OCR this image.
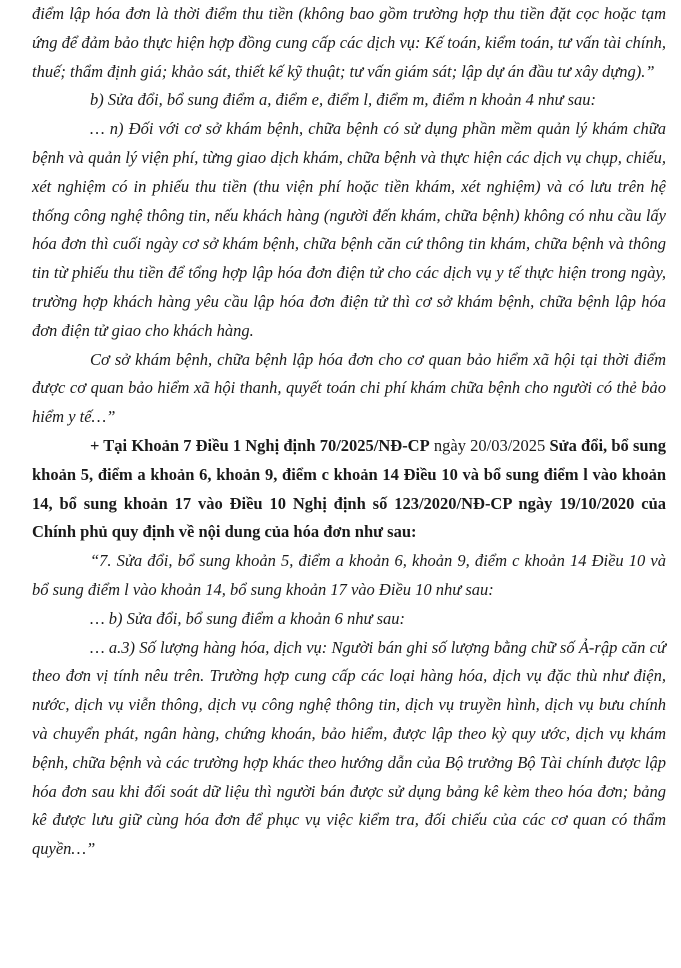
điểm lập hóa đơn là thời điểm thu tiền (không bao gồm trường hợp thu tiền đặt cọc hoặc tạm ứng để đảm bảo thực hiện hợp đồng cung cấp các dịch vụ: Kế toán, kiểm toán, tư vấn tài chính, thuế; thẩm định giá; khảo sát, thiết kế kỹ thuật; tư vấn giám sát; lập dự án đầu tư xây dựng).”

b) Sửa đổi, bổ sung điểm a, điểm e, điểm l, điểm m, điểm n khoản 4 như sau:

… n) Đối với cơ sở khám bệnh, chữa bệnh có sử dụng phần mềm quản lý khám chữa bệnh và quản lý viện phí, từng giao dịch khám, chữa bệnh và thực hiện các dịch vụ chụp, chiếu, xét nghiệm có in phiếu thu tiền (thu viện phí hoặc tiền khám, xét nghiệm) và có lưu trên hệ thống công nghệ thông tin, nếu khách hàng (người đến khám, chữa bệnh) không có nhu cầu lấy hóa đơn thì cuối ngày cơ sở khám bệnh, chữa bệnh căn cứ thông tin khám, chữa bệnh và thông tin từ phiếu thu tiền để tổng hợp lập hóa đơn điện tử cho các dịch vụ y tế thực hiện trong ngày, trường hợp khách hàng yêu cầu lập hóa đơn điện tử thì cơ sở khám bệnh, chữa bệnh lập hóa đơn điện tử giao cho khách hàng.

Cơ sở khám bệnh, chữa bệnh lập hóa đơn cho cơ quan bảo hiểm xã hội tại thời điểm được cơ quan bảo hiểm xã hội thanh, quyết toán chi phí khám chữa bệnh cho người có thẻ bảo hiểm y tế…”

+ Tại Khoản 7 Điều 1 Nghị định 70/2025/NĐ-CP ngày 20/03/2025 Sửa đổi, bổ sung khoản 5, điểm a khoản 6, khoản 9, điểm c khoản 14 Điều 10 và bổ sung điểm l vào khoản 14, bổ sung khoản 17 vào Điều 10 Nghị định số 123/2020/NĐ-CP ngày 19/10/2020 của Chính phủ quy định về nội dung của hóa đơn như sau:

“7. Sửa đổi, bổ sung khoản 5, điểm a khoản 6, khoản 9, điểm c khoản 14 Điều 10 và bổ sung điểm l vào khoản 14, bổ sung khoản 17 vào Điều 10 như sau:

… b) Sửa đổi, bổ sung điểm a khoản 6 như sau:

… a.3) Số lượng hàng hóa, dịch vụ: Người bán ghi số lượng bằng chữ số Ả-rập căn cứ theo đơn vị tính nêu trên. Trường hợp cung cấp các loại hàng hóa, dịch vụ đặc thù như điện, nước, dịch vụ viễn thông, dịch vụ công nghệ thông tin, dịch vụ truyền hình, dịch vụ bưu chính và chuyển phát, ngân hàng, chứng khoán, bảo hiểm, được lập theo kỳ quy ước, dịch vụ khám bệnh, chữa bệnh và các trường hợp khác theo hướng dẫn của Bộ trưởng Bộ Tài chính được lập hóa đơn sau khi đối soát dữ liệu thì người bán được sử dụng bảng kê kèm theo hóa đơn; bảng kê được lưu giữ cùng hóa đơn để phục vụ việc kiểm tra, đối chiếu của các cơ quan có thẩm quyền…”
